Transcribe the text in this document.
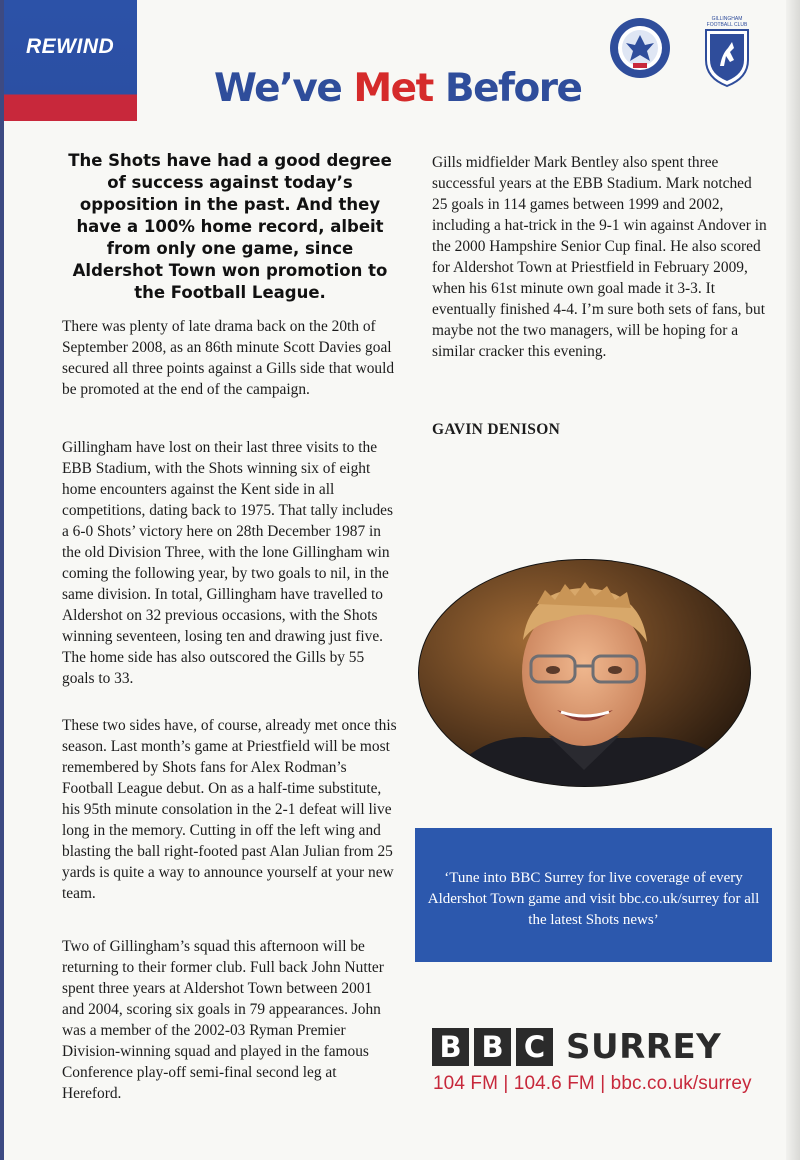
REWIND
We’ve Met Before
GILLINGHAM FOOTBALL CLUB
The Shots have had a good degree of success against today’s opposition in the past. And they have a 100% home record, albeit from only one game, since Aldershot Town won promotion to the Football League.
There was plenty of late drama back on the 20th of September 2008, as an 86th minute Scott Davies goal secured all three points against a Gills side that would be promoted at the end of the campaign.
Gillingham have lost on their last three visits to the EBB Stadium, with the Shots winning six of eight home encounters against the Kent side in all competitions, dating back to 1975. That tally includes a 6-0 Shots’ victory here on 28th December 1987 in the old Division Three, with the lone Gillingham win coming the following year, by two goals to nil, in the same division. In total, Gillingham have travelled to Aldershot on 32 previous occasions, with the Shots winning seventeen, losing ten and drawing just five. The home side has also outscored the Gills by 55 goals to 33.
These two sides have, of course, already met once this season. Last month’s game at Priestfield will be most remembered by Shots fans for Alex Rodman’s Football League debut. On as a half-time substitute, his 95th minute consolation in the 2-1 defeat will live long in the memory. Cutting in off the left wing and blasting the ball right-footed past Alan Julian from 25 yards is quite a way to announce yourself at your new team.
Two of Gillingham’s squad this afternoon will be returning to their former club. Full back John Nutter spent three years at Aldershot Town between 2001 and 2004, scoring six goals in 79 appearances. John was a member of the 2002-03 Ryman Premier Division-winning squad and played in the famous Conference play-off semi-final second leg at Hereford.
Gills midfielder Mark Bentley also spent three successful years at the EBB Stadium. Mark notched 25 goals in 114 games between 1999 and 2002, including a hat-trick in the 9-1 win against Andover in the 2000 Hampshire Senior Cup final. He also scored for Aldershot Town at Priestfield in February 2009, when his 61st minute own goal made it 3-3. It eventually finished 4-4. I’m sure both sets of fans, but maybe not the two managers, will be hoping for a similar cracker this evening.
GAVIN DENISON
‘Tune into BBC Surrey for live coverage of every Aldershot Town game and visit bbc.co.uk/surrey for all the latest Shots news’
B B C SURREY
104 FM | 104.6 FM | bbc.co.uk/surrey
